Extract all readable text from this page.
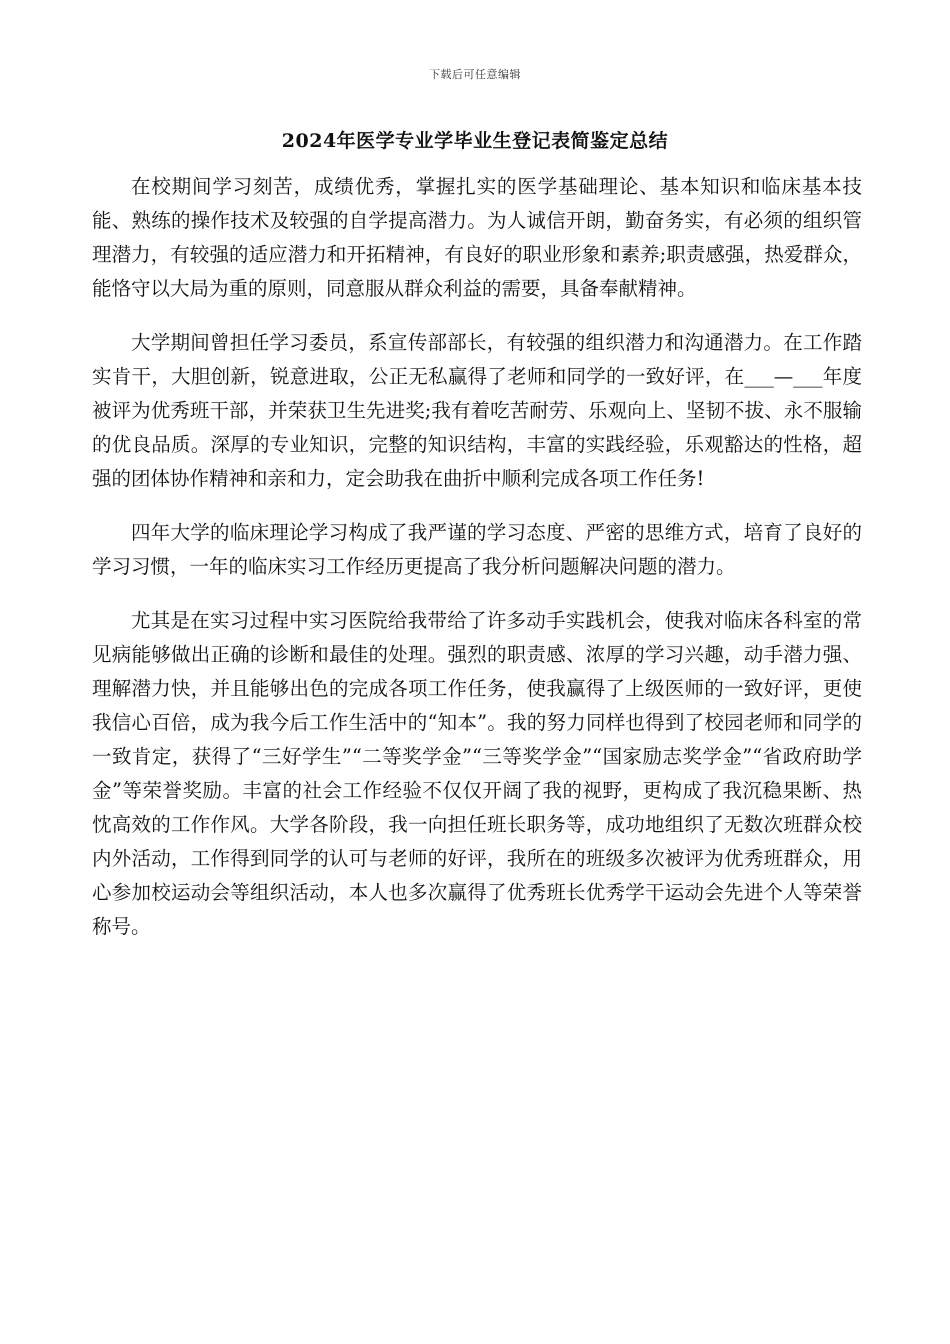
下载后可任意编辑
2024年医学专业学毕业生登记表简鉴定总结

在校期间学习刻苦，成绩优秀，掌握扎实的医学基础理论、基本知识和临床基本技能、熟练的操作技术及较强的自学提高潜力。为人诚信开朗，勤奋务实，有必须的组织管理潜力，有较强的适应潜力和开拓精神，有良好的职业形象和素养;职责感强，热爱群众，能恪守以大局为重的原则，同意服从群众利益的需要，具备奉献精神。

大学期间曾担任学习委员，系宣传部部长，有较强的组织潜力和沟通潜力。在工作踏实肯干，大胆创新，锐意进取，公正无私赢得了老师和同学的一致好评，在___—___年度被评为优秀班干部，并荣获卫生先进奖;我有着吃苦耐劳、乐观向上、坚韧不拔、永不服输的优良品质。深厚的专业知识，完整的知识结构，丰富的实践经验，乐观豁达的性格，超强的团体协作精神和亲和力，定会助我在曲折中顺利完成各项工作任务!

四年大学的临床理论学习构成了我严谨的学习态度、严密的思维方式，培育了良好的学习习惯，一年的临床实习工作经历更提高了我分析问题解决问题的潜力。

尤其是在实习过程中实习医院给我带给了许多动手实践机会，使我对临床各科室的常见病能够做出正确的诊断和最佳的处理。强烈的职责感、浓厚的学习兴趣，动手潜力强、理解潜力快，并且能够出色的完成各项工作任务，使我赢得了上级医师的一致好评，更使我信心百倍，成为我今后工作生活中的“知本”。我的努力同样也得到了校园老师和同学的一致肯定，获得了“三好学生”“二等奖学金”“三等奖学金”“国家励志奖学金”“省政府助学金”等荣誉奖励。丰富的社会工作经验不仅仅开阔了我的视野，更构成了我沉稳果断、热忱高效的工作作风。大学各阶段，我一向担任班长职务等，成功地组织了无数次班群众校内外活动，工作得到同学的认可与老师的好评，我所在的班级多次被评为优秀班群众，用心参加校运动会等组织活动，本人也多次赢得了优秀班长优秀学干运动会先进个人等荣誉称号。
